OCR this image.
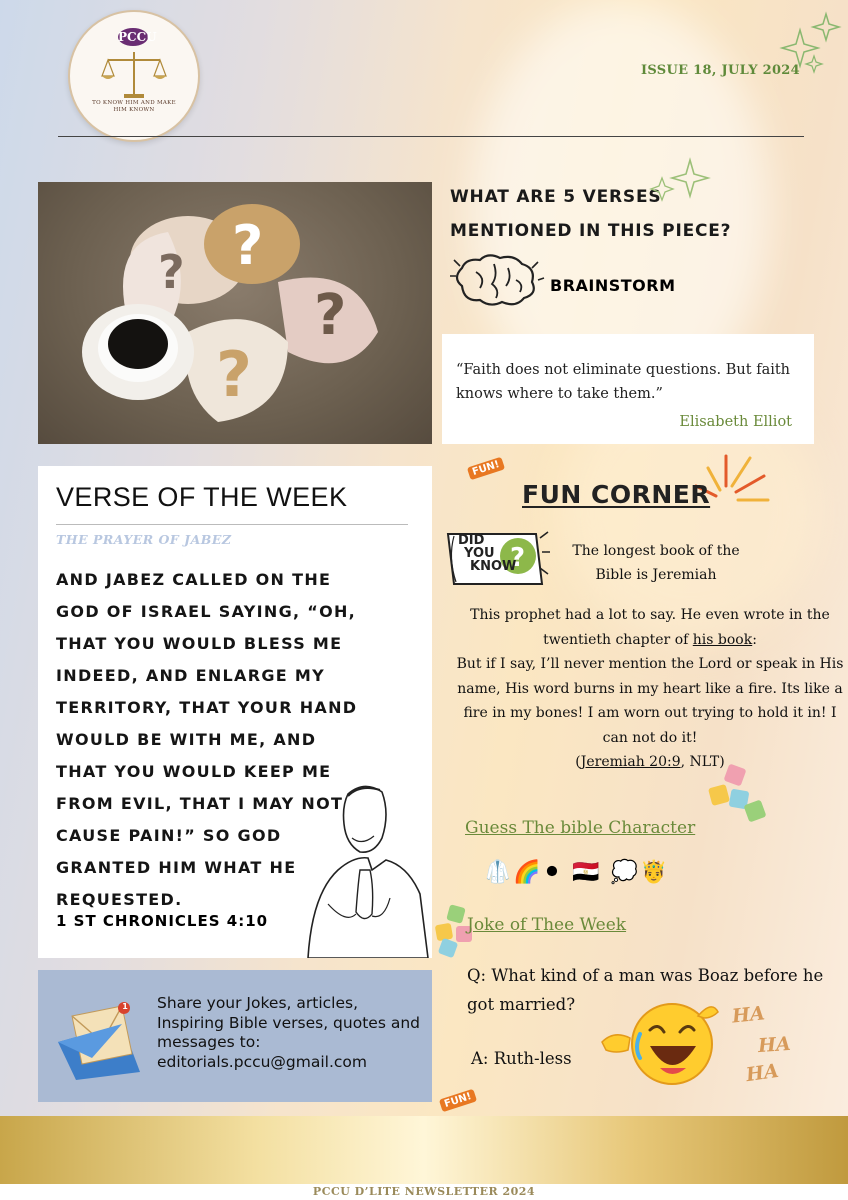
PCCU
TO KNOW HIM AND MAKE HIM KNOWN
ISSUE 18, JULY 2024
? ?
?
?
WHAT ARE 5 VERSES
MENTIONED IN THIS PIECE?
BRAINSTORM
“Faith does not eliminate questions. But faith knows where to take them.”
Elisabeth Elliot
VERSE OF THE WEEK
THE PRAYER OF JABEZ
AND JABEZ CALLED ON THE GOD OF ISRAEL SAYING, “OH, THAT YOU WOULD BLESS ME INDEED, AND ENLARGE MY TERRITORY, THAT YOUR HAND WOULD BE WITH ME, AND THAT YOU WOULD KEEP ME FROM EVIL, THAT I MAY NOT CAUSE PAIN!” SO GOD GRANTED HIM WHAT HE REQUESTED.
1 ST CHRONICLES 4:10
1 Share your Jokes, articles, Inspiring Bible verses, quotes and messages to: editorials.pccu@gmail.com
FUN!
FUN CORNER
?
DID
YOU
KNOW
The longest book of the
Bible is Jeremiah
This prophet had a lot to say. He even wrote in the twentieth chapter of his book:
But if I say, I’ll never mention the Lord or speak in His name, His word burns in my heart like a fire. Its like a fire in my bones! I am worn out trying to hold it in! I can not do it!
(Jeremiah 20:9, NLT)
Guess The bible Character
🥼🌈⚫ 🇪🇬 💭🤴
Joke of Thee Week
Q: What kind of a man was Boaz before he got married?
A: Ruth-less
HA
HA
HA
FUN!
PCCU D’LITE NEWSLETTER 2024
